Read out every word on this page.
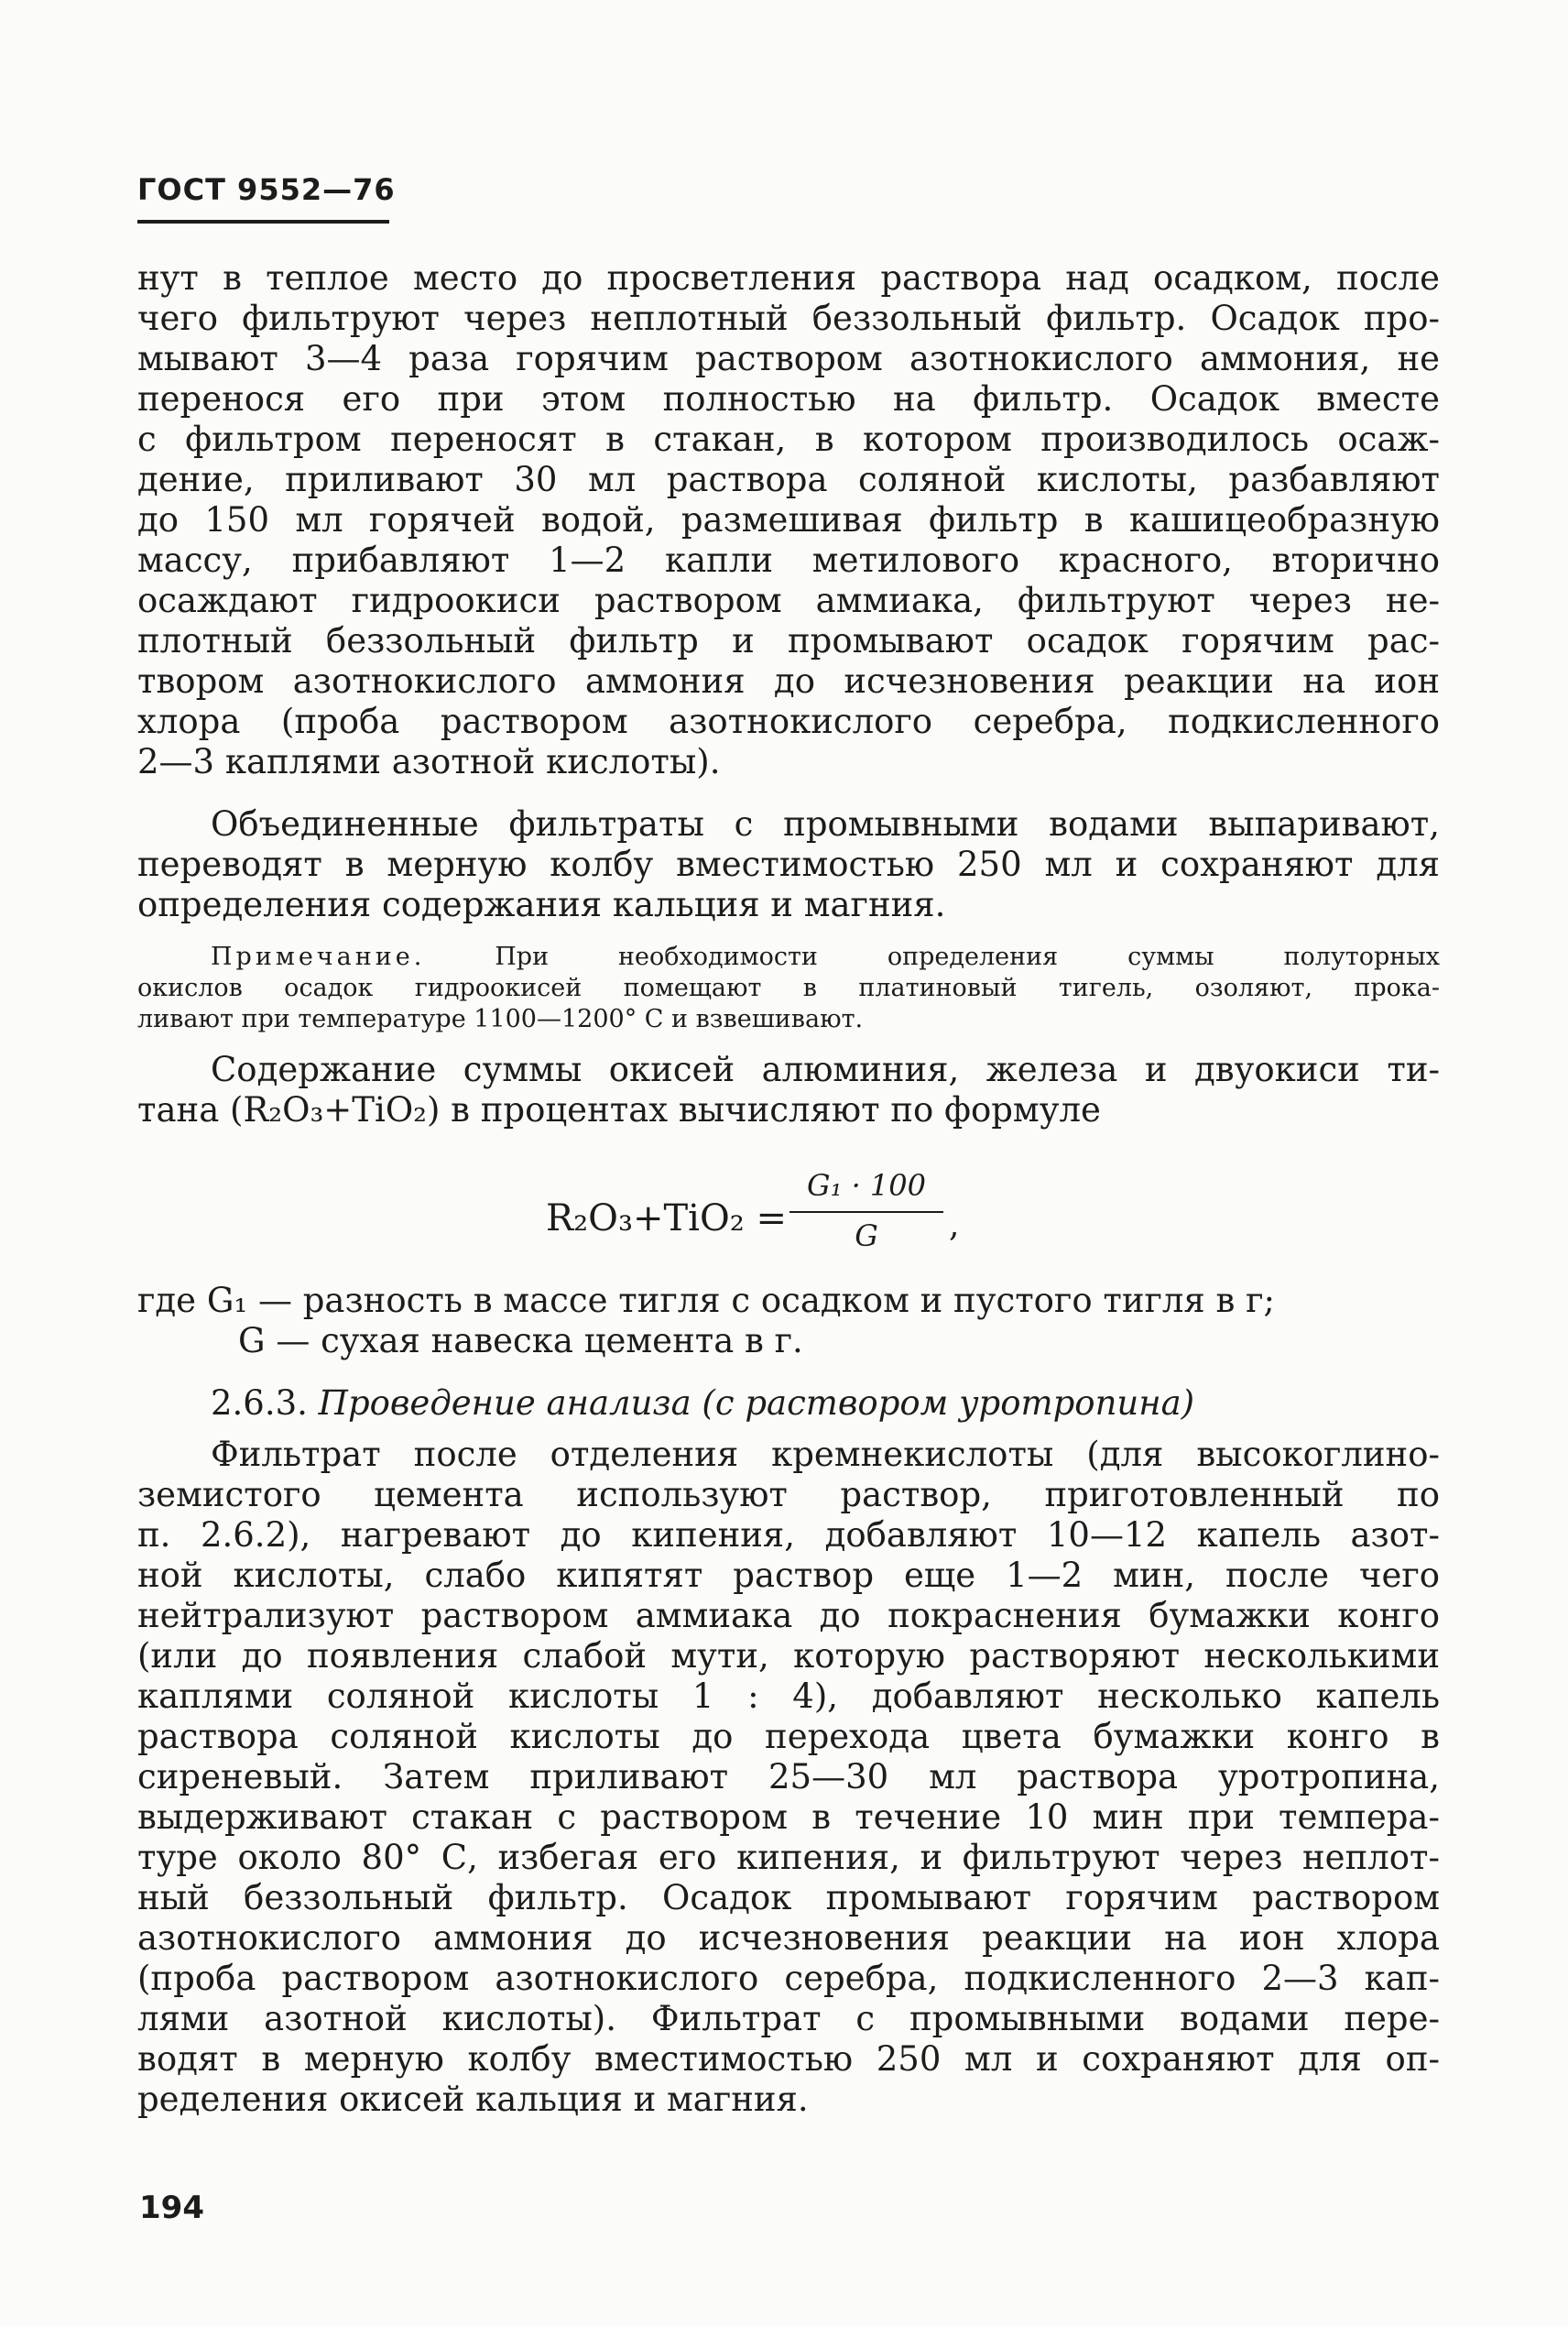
ГОСТ 9552—76
нут в теплое место до просветления раствора над осадком, после
чего фильтруют через неплотный беззольный фильтр. Осадок про-
мывают 3—4 раза горячим раствором азотнокислого аммония, не
перенося его при этом полностью на фильтр. Осадок вместе
с фильтром переносят в стакан, в котором производилось осаж-
дение, приливают 30 мл раствора соляной кислоты, разбавляют
до 150 мл горячей водой, размешивая фильтр в кашицеобразную
массу, прибавляют 1—2 капли метилового красного, вторично
осаждают гидроокиси раствором аммиака, фильтруют через не-
плотный беззольный фильтр и промывают осадок горячим рас-
твором азотнокислого аммония до исчезновения реакции на ион
хлора (проба раствором азотнокислого серебра, подкисленного
2—3 каплями азотной кислоты).
Объединенные фильтраты с промывными водами выпаривают,
переводят в мерную колбу вместимостью 250 мл и сохраняют для
определения содержания кальция и магния.
Примечание.	При необходимости определения суммы полуторных
окислов осадок гидроокисей помещают в платиновый тигель, озоляют, прока-
ливают при температуре 1100—1200° С и взвешивают.
Содержание суммы окисей алюминия, железа и двуокиси ти-
тана (R₂O₃+TiO₂) в процентах вычисляют по формуле
R₂O₃+TiO₂ =
G₁ · 100
G	,
где G₁ — разность в массе тигля с осадком и пустого тигля в г;
G — сухая навеска цемента в г.
2.6.3. Проведение анализа (с раствором уротропина)
Фильтрат после отделения кремнекислоты (для высокоглино-
земистого цемента используют раствор, приготовленный по
п. 2.6.2), нагревают до кипения, добавляют 10—12 капель азот-
ной кислоты, слабо кипятят раствор еще 1—2 мин, после чего
нейтрализуют раствором аммиака до покраснения бумажки конго
(или до появления слабой мути, которую растворяют несколькими
каплями соляной кислоты 1 : 4), добавляют несколько капель
раствора соляной кислоты до перехода цвета бумажки конго в
сиреневый. Затем приливают 25—30 мл раствора уротропина,
выдерживают стакан с раствором в течение 10 мин при темпера-
туре около 80° С, избегая его кипения, и фильтруют через неплот-
ный беззольный фильтр. Осадок промывают горячим раствором
азотнокислого аммония до исчезновения реакции на ион хлора
(проба раствором азотнокислого серебра, подкисленного 2—3 кап-
лями азотной кислоты). Фильтрат с промывными водами пере-
водят в мерную колбу вместимостью 250 мл и сохраняют для оп-
ределения окисей кальция и магния.
194
